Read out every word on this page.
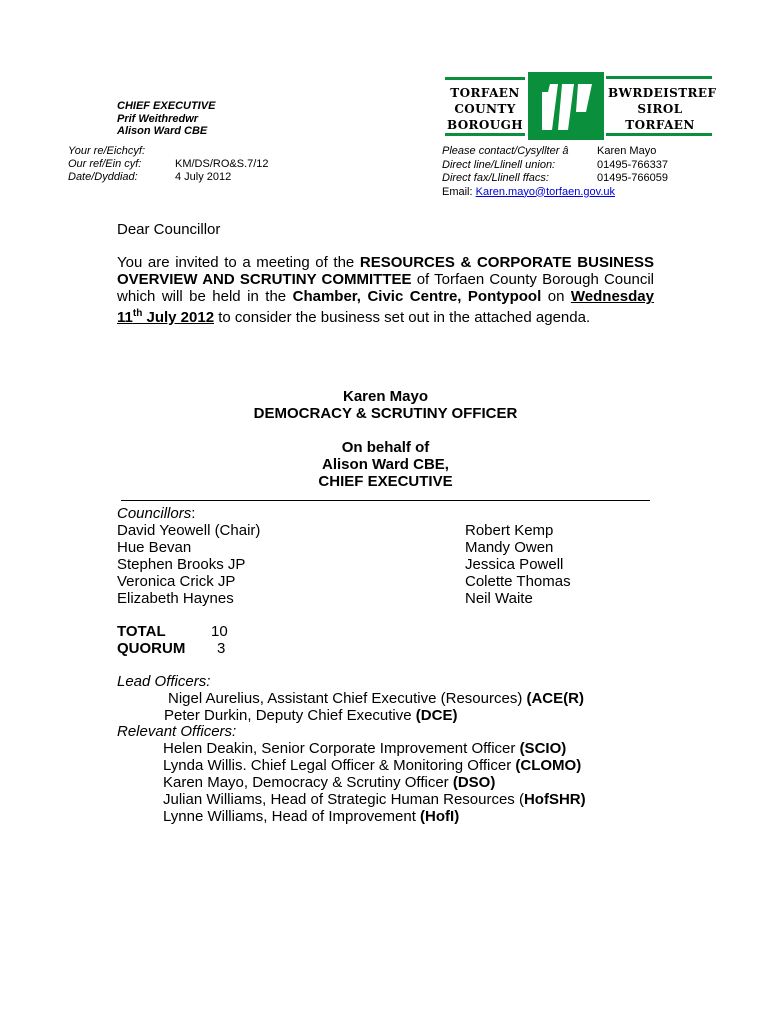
CHIEF EXECUTIVE
Prif Weithredwr
Alison Ward CBE
Your re/Eichcyf:
Our ref/Ein cyf:	KM/DS/RO&S.7/12
Date/Dyddiad:	4 July 2012
TORFAEN
COUNTY
BOROUGH
BWRDEISTREF
SIROL
TORFAEN
Please contact/Cysyllter â	Karen Mayo
Direct line/Llinell union:	01495-766337
Direct fax/Llinell ffacs:	01495-766059
Email: Karen.mayo@torfaen.gov.uk
Dear Councillor
You are invited to a meeting of the RESOURCES & CORPORATE BUSINESS OVERVIEW AND SCRUTINY COMMITTEE of Torfaen County Borough Council which will be held in the Chamber, Civic Centre, Pontypool on Wednesday 11th July 2012 to consider the business set out in the attached agenda.
Karen Mayo
DEMOCRACY & SCRUTINY OFFICER
On behalf of
Alison Ward CBE,
CHIEF EXECUTIVE
Councillors:
David Yeowell (Chair)
Hue Bevan
Stephen Brooks JP
Veronica Crick JP
Elizabeth Haynes
Robert Kemp
Mandy Owen
Jessica Powell
Colette Thomas
Neil Waite
TOTAL	10
QUORUM 3
Lead Officers:
Nigel Aurelius, Assistant Chief Executive (Resources) (ACE(R)
Peter Durkin, Deputy Chief Executive (DCE)
Relevant Officers:
Helen Deakin, Senior Corporate Improvement Officer (SCIO)
Lynda Willis. Chief Legal Officer & Monitoring Officer (CLOMO)
Karen Mayo, Democracy & Scrutiny Officer (DSO)
Julian Williams, Head of Strategic Human Resources (HofSHR)
Lynne Williams, Head of Improvement (HofI)
